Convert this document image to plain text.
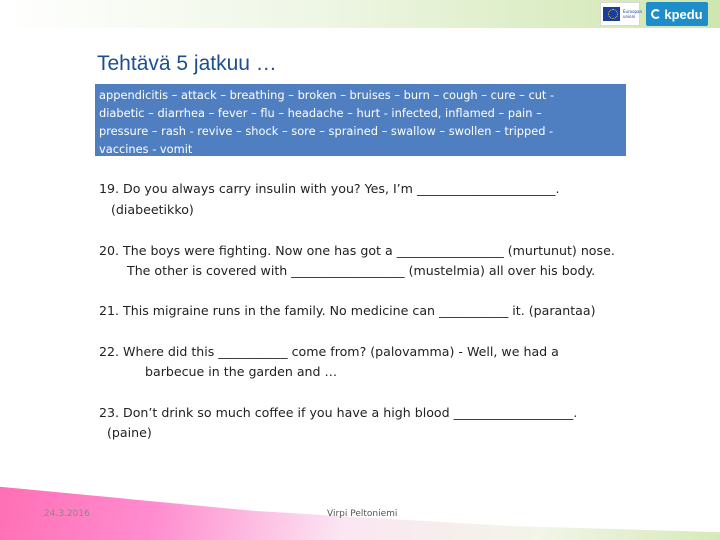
Euroopan unioni kpedu
Tehtävä 5 jatkuu …
appendicitis – attack – breathing – broken – bruises – burn – cough – cure – cut -
diabetic – diarrhea – fever – flu – headache – hurt - infected, inflamed – pain –
pressure – rash - revive – shock – sore – sprained – swallow – swollen – tripped -
vaccines - vomit
19. Do you always carry insulin with you? Yes, I’m ______________________.
(diabeetikko)
20. The boys were fighting. Now one has got a _________________ (murtunut) nose.
The other is covered with __________________ (mustelmia) all over his body.
21. This migraine runs in the family. No medicine can ___________ it. (parantaa)
22. Where did this ___________ come from? (palovamma) - Well, we had a
barbecue in the garden and …
23. Don’t drink so much coffee if you have a high blood ___________________.
(paine)
24.3.2016	Virpi Peltoniemi
